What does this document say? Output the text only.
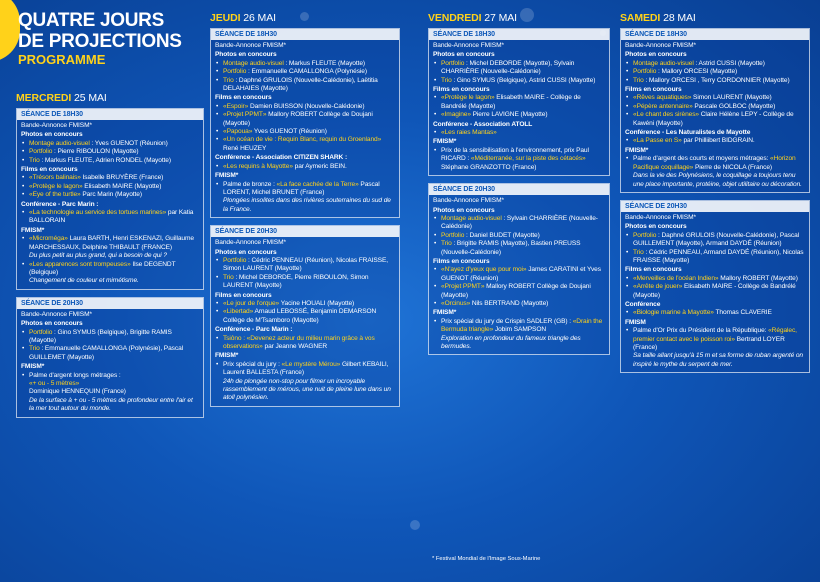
QUATRE JOURS
DE PROJECTIONS
PROGRAMME
MERCREDI 25 MAI
SÉANCE DE 18H30
Bande-Annonce FMISM*
Photos en concours
• Montage audio-visuel : Yves GUENOT (Réunion)
• Portfolio : Pierre RIBOULON (Mayotte)
• Trio : Markus FLEUTE, Adrien RONDEL (Mayotte)
Films en concours
• «Trésors balinais» Isabelle BRUYÈRE (France)
• «Protège le lagon» Elisabeth MAIRE (Mayotte)
• «Eye of the turtle» Parc Marin (Mayotte)
Conférence - Parc Marin :
• «La technologie au service des tortues marines» par Katia BALLORAIN
FMISM*
• «Microméga» Laura BARTH, Henri ESKENAZI, Guillaume MARCHESSAUX, Delphine THIBAULT (FRANCE)
Du plus petit au plus grand, qui a besoin de qui ?
• «Les apparences sont trompeuses» Ilse DEGENDT (Belgique)
Changement de couleur et mimétisme.
SÉANCE DE 20H30
Bande-Annonce FMISM*
Photos en concours
• Portfolio : Gino SYMUS (Belgique), Brigitte RAMIS (Mayotte)
• Trio : Emmanuelle CAMALLONGA (Polynésie), Pascal GUILLEMET (Mayotte)
FMISM*
• Palme d'argent longs métrages :
«+ ou - 5 mètres»
Dominique HENNEQUIN (France)
De la surface à + ou - 5 mètres de profondeur entre l'air et la mer tout autour du monde.
JEUDI 26 MAI
SÉANCE DE 18H30
Bande-Annonce FMISM*
Photos en concours
• Montage audio-visuel : Markus FLEUTE (Mayotte)
• Portfolio : Emmanuelle CAMALLONGA (Polynésie)
• Trio : Daphné GRULOIS (Nouvelle-Calédonie), Laëtitia DELAHAIES (Mayotte)
Films en concours
• «Espoir» Damien BUISSON (Nouvelle-Calédonie)
• «Projet PPMT» Mallory ROBERT Collège de Doujani (Mayotte)
• «Papoua» Yves GUENOT (Réunion)
• «Un océan de vie : Requin Blanc, requin du Groenland» René HEUZEY
Conférence - Association CITIZEN SHARK :
• «Les requins à Mayotte» par Aymeric BEIN.
FMISM*
• Palme de bronze : «La face cachée de la Terre» Pascal LORENT, Michel BRUNET (France)
Plongées insolites dans des rivières souterraines du sud de la France.
SÉANCE DE 20H30
Bande-Annonce FMISM*
Photos en concours
• Portfolio : Cédric PENNEAU (Réunion), Nicolas FRAISSE, Simon LAURENT (Mayotte)
• Trio : Michel DEBORDE, Pierre RIBOULON, Simon LAURENT (Mayotte)
Films en concours
• «Le jour de l'orque» Yacine HOUALI (Mayotte)
• «Libertad» Arnaud LEBOSSÉ, Benjamin DEMARSON Collège de M'Tsamboro (Mayotte)
Conférence - Parc Marin :
• Tsiôno : «Devenez acteur du milieu marin grâce à vos observations» par Jeanne WAGNER
FMISM*
• Prix spécial du jury : «Le mystère Mérou» Gilbert KEBAILI, Laurent BALLESTA (France)
24h de plongée non-stop pour filmer un incroyable rassemblement de mérous, une nuit de pleine lune dans un atoll polynésien.
VENDREDI 27 MAI
SÉANCE DE 18H30
Bande-Annonce FMISM*
Photos en concours
• Portfolio : Michel DEBORDE (Mayotte), Sylvain CHARRIÈRE (Nouvelle-Calédonie)
• Trio : Gino SYMUS (Belgique), Astrid CUSSI (Mayotte)
Films en concours
• «Protège le lagon» Elisabeth MAIRE - Collège de Bandrélé (Mayotte)
• «Imagine» Pierre LAVIGNE (Mayotte)
Conférence - Association ATOLL
• «Les raies Mantas»
FMISM*
• Prix de la sensibilisation à l'environnement, prix Paul RICARD : «Méditerranée, sur la piste des cétacés» Stéphane GRANZOTTO (France)
SÉANCE DE 20H30
Bande-Annonce FMISM*
Photos en concours
• Montage audio-visuel : Sylvain CHARRIÈRE (Nouvelle-Calédonie)
• Portfolio : Daniel BUDET (Mayotte)
• Trio : Brigitte RAMIS (Mayotte), Bastien PREUSS (Nouvelle-Calédonie)
Films en concours
• «N'ayez d'yeux que pour moi» James CARATINI et Yves GUENOT (Réunion)
• «Projet PPMT» Mallory ROBERT Collège de Doujani (Mayotte)
• «Orcinus» Nils BERTRAND (Mayotte)
FMISM*
• Prix spécial du jury de Crispin SADLER (GB) : «Drain the Bermuda triangle» Jobim SAMPSON
Exploration en profondeur du fameux triangle des bermudes.
SAMEDI 28 MAI
SÉANCE DE 18H30
Bande-Annonce FMISM*
Photos en concours
• Montage audio-visuel : Astrid CUSSI (Mayotte)
• Portfolio : Mallory ORCESI (Mayotte)
• Trio : Mallory ORCESI , Terry CORDONNIER (Mayotte)
Films en concours
• «Rêves aquatiques» Simon LAURENT (Mayotte)
• «Pépère antennaire» Pascale GOLBOC (Mayotte)
• «Le chant des sirènes» Claire Hélène LEPY - Collège de Kawéni (Mayotte)
Conférence - Les Naturalistes de Mayotte
• «La Passe en S» par Philliibert BIDGRAIN.
FMISM*
• Palme d'argent des courts et moyens métrages: «Horizon Pacifique coquillage» Pierre de NICOLA (France)
Dans la vie des Polynésiens, le coquillage a toujours tenu une place importante, protéine, objet utilitaire ou décoration.
SÉANCE DE 20H30
Bande-Annonce FMISM*
Photos en concours
• Portfolio : Daphné GRULOIS (Nouvelle-Calédonie), Pascal GUILLEMENT (Mayotte), Armand DAYDÉ (Réunion)
• Trio : Cédric PENNEAU, Armand DAYDÉ (Réunion), Nicolas FRAISSE (Mayotte)
Films en concours
• «Merveilles de l'océan Indien» Mallory ROBERT (Mayotte)
• «Arrête de jouer» Elisabeth MAIRE - Collège de Bandrélé (Mayotte)
Conférence
• «Biologie marine à Mayotte» Thomas CLAVERIE
FMISM
• Palme d'Or Prix du Président de la République: «Régalec, premier contact avec le poisson roi» Bertrand LOYER (France)
Sa taille allant jusqu'à 15 m et sa forme de ruban argenté on inspiré le mythe du serpent de mer.
* Festival Mondial de l'Image Sous-Marine
